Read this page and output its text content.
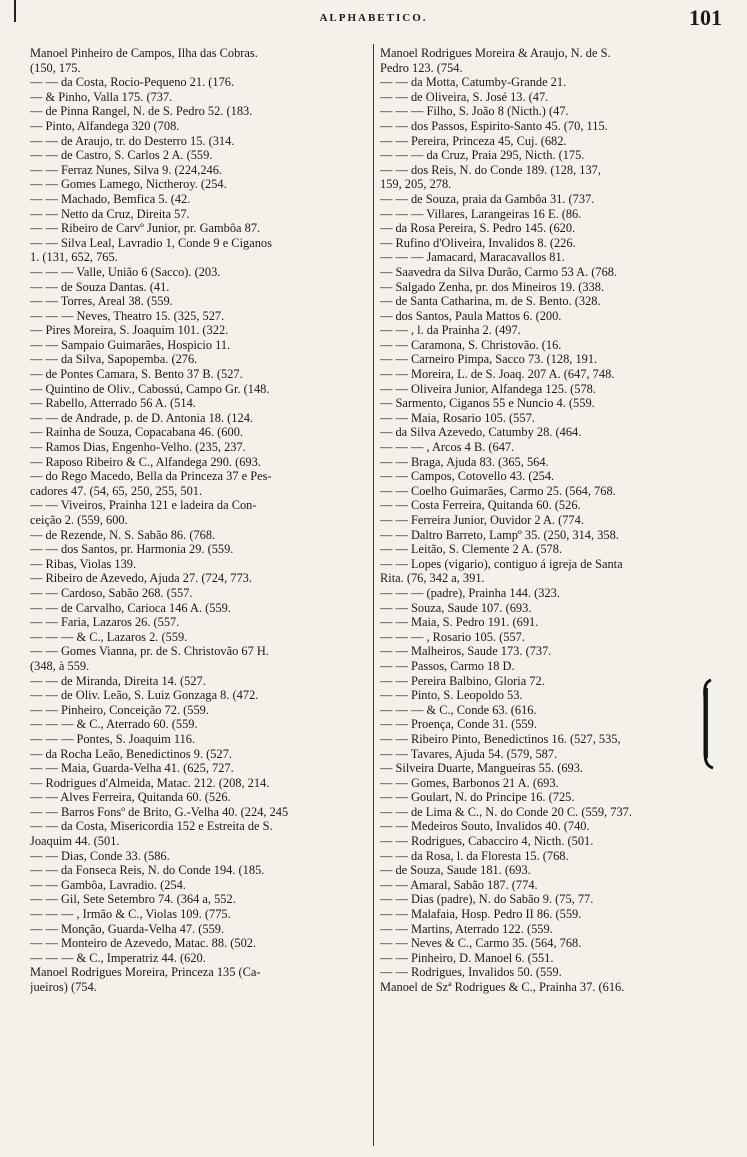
ALPHABETICO.	101
Manoel Pinheiro de Campos, Ilha das Cobras.
(150, 175.
— — da Costa, Rocio-Pequeno 21. (176.
— & Pinho, Valla 175. (737.
— de Pinna Rangel, N. de S. Pedro 52. (183.
— Pinto, Alfandega 320 (708.
— — de Araujo, tr. do Desterro 15. (314.
— — de Castro, S. Carlos 2 A. (559.
— — Ferraz Nunes, Silva 9. (224,246.
— — Gomes Lamego, Nictheroy. (254.
— — Machado, Bemfica 5. (42.
— — Netto da Cruz, Direita 57.
— — Ribeiro de Carvº Junior, pr. Gambôa 87.
— — Silva Leal, Lavradio 1, Conde 9 e Ciganos
1. (131, 652, 765.
— — — Valle, União 6 (Sacco). (203.
— — de Souza Dantas. (41.
— — Torres, Areal 38. (559.
— — — Neves, Theatro 15. (325, 527.
— Pires Moreira, S. Joaquim 101. (322.
— — Sampaio Guimarães, Hospicio 11.
— — da Silva, Sapopemba. (276.
— de Pontes Camara, S. Bento 37 B. (527.
— Quintino de Oliv., Cabossú, Campo Gr. (148.
— Rabello, Atterrado 56 A. (514.
— — de Andrade, p. de D. Antonia 18. (124.
— Rainha de Souza, Copacabana 46. (600.
— Ramos Dias, Engenho-Velho. (235, 237.
— Raposo Ribeiro & C., Alfandega 290. (693.
— do Rego Macedo, Bella da Princeza 37 e Pes-
cadores 47. (54, 65, 250, 255, 501.
— — Viveiros, Prainha 121 e ladeira da Con-
ceição 2. (559, 600.
— de Rezende, N. S. Sabão 86. (768.
— — dos Santos, pr. Harmonia 29. (559.
— Ribas, Violas 139.
— Ribeiro de Azevedo, Ajuda 27. (724, 773.
— — Cardoso, Sabão 268. (557.
— — de Carvalho, Carioca 146 A. (559.
— — Faria, Lazaros 26. (557.
— — — & C., Lazaros 2. (559.
— — Gomes Vianna, pr. de S. Christovão 67 H.
(348, à 559.
— — de Miranda, Direita 14. (527.
— — de Oliv. Leão, S. Luiz Gonzaga 8. (472.
— — Pinheiro, Conceição 72. (559.
— — — & C., Aterrado 60. (559.
— — — Pontes, S. Joaquim 116.
— da Rocha Leão, Benedictinos 9. (527.
— — Maia, Guarda-Velha 41. (625, 727.
— Rodrigues d'Almeida, Matac. 212. (208, 214.
— — Alves Ferreira, Quitanda 60. (526.
— — Barros Fonsº de Brito, G.-Velha 40. (224, 245
— — da Costa, Misericordia 152 e Estreita de S.
Joaquim 44. (501.
— — Dias, Conde 33. (586.
— — da Fonseca Reis, N. do Conde 194. (185.
— — Gambôa, Lavradio. (254.
— — Gil, Sete Setembro 74. (364 a, 552.
— — — , Irmão & C., Violas 109. (775.
— — Monção, Guarda-Velha 47. (559.
— — Monteiro de Azevedo, Matac. 88. (502.
— — — & C., Imperatriz 44. (620.
Manoel Rodrigues Moreira, Princeza 135 (Ca-
jueiros) (754.
Manoel Rodrigues Moreira & Araujo, N. de S.
Pedro 123. (754.
— — da Motta, Catumby-Grande 21.
— — de Oliveira, S. José 13. (47.
— — — Filho, S. João 8 (Nicth.) (47.
— — dos Passos, Espirito-Santo 45. (70, 115.
— — Pereira, Princeza 45, Cuj. (682.
— — — da Cruz, Praia 295, Nicth. (175.
— — dos Reis, N. do Conde 189. (128, 137,
159, 205, 278.
— — de Souza, praia da Gambôa 31. (737.
— — — Villares, Larangeiras 16 E. (86.
— da Rosa Pereira, S. Pedro 145. (620.
— Rufino d'Oliveira, Invalidos 8. (226.
— — — Jamacard, Maracavallos 81.
— Saavedra da Silva Durão, Carmo 53 A. (768.
— Salgado Zenha, pr. dos Mineiros 19. (338.
— de Santa Catharina, m. de S. Bento. (328.
— dos Santos, Paula Mattos 6. (200.
— — , l. da Prainha 2. (497.
— — Caramona, S. Christovão. (16.
— — Carneiro Pimpa, Sacco 73. (128, 191.
— — Moreira, L. de S. Joaq. 207 A. (647, 748.
— — Oliveira Junior, Alfandega 125. (578.
— Sarmento, Ciganos 55 e Nuncio 4. (559.
— — Maia, Rosario 105. (557.
— da Silva Azevedo, Catumby 28. (464.
— — — , Arcos 4 B. (647.
— — Braga, Ajuda 83. (365, 564.
— — Campos, Cotovello 43. (254.
— — Coelho Guimarães, Carmo 25. (564, 768.
— — Costa Ferreira, Quitanda 60. (526.
— — Ferreira Junior, Ouvidor 2 A. (774.
— — Daltro Barreto, Lampº 35. (250, 314, 358.
— — Leitão, S. Clemente 2 A. (578.
— — Lopes (vigario), contiguo á igreja de Santa
Rita. (76, 342 a, 391.
— — — (padre), Prainha 144. (323.
— — Souza, Saude 107. (693.
— — Maia, S. Pedro 191. (691.
— — — , Rosario 105. (557.
— — Malheiros, Saude 173. (737.
— — Passos, Carmo 18 D.
— — Pereira Balbino, Gloria 72.
— — Pinto, S. Leopoldo 53.
— — — & C., Conde 63. (616.
— — Proença, Conde 31. (559.
— — Ribeiro Pinto, Benedictinos 16. (527, 535,
— — Tavares, Ajuda 54. (579, 587.
— Silveira Duarte, Mangueiras 55. (693.
— — Gomes, Barbonos 21 A. (693.
— — Goulart, N. do Principe 16. (725.
— — de Lima & C., N. do Conde 20 C. (559, 737.
— — Medeiros Souto, Invalidos 40. (740.
— — Rodrigues, Cabacciro 4, Nicth. (501.
— — da Rosa, l. da Floresta 15. (768.
— de Souza, Saude 181. (693.
— — Amaral, Sabão 187. (774.
— — Dias (padre), N. do Sabão 9. (75, 77.
— — Malafaia, Hosp. Pedro II 86. (559.
— — Martins, Aterrado 122. (559.
— — Neves & C., Carmo 35. (564, 768.
— — Pinheiro, D. Manoel 6. (551.
— — Rodrigues, Invalidos 50. (559.
Manoel de Szª Rodrigues & C., Prainha 37. (616.
